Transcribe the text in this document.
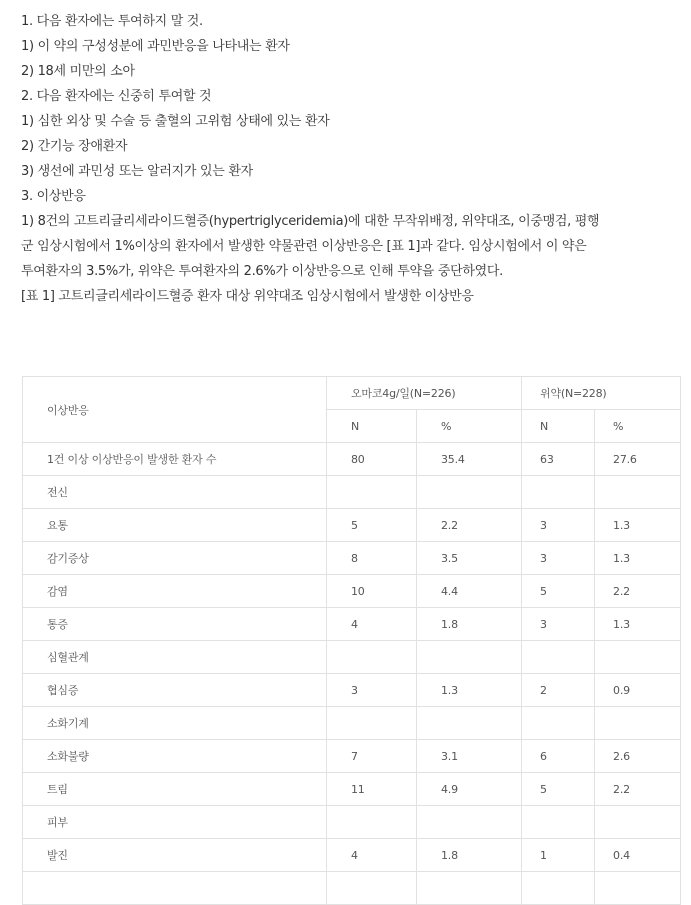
1. 다음 환자에는 투여하지 말 것.

1) 이 약의 구성성분에 과민반응을 나타내는 환자

2) 18세 미만의 소아

2. 다음 환자에는 신중히 투여할 것

1) 심한 외상 및 수술 등 출혈의 고위험 상태에 있는 환자

2) 간기능 장애환자

3) 생선에 과민성 또는 알러지가 있는 환자

3. 이상반응

1) 8건의 고트리글리세라이드혈증(hypertriglyceridemia)에 대한 무작위배정, 위약대조, 이중맹검, 평행

군 임상시험에서 1%이상의 환자에서 발생한 약물관련 이상반응은 [표 1]과 같다. 임상시험에서 이 약은

투여환자의 3.5%가, 위약은 투여환자의 2.6%가 이상반응으로 인해 투약을 중단하였다.

[표 1] 고트리글리세라이드혈증 환자 대상 위약대조 임상시험에서 발생한 이상반응

이상반응	오마코4g/일(N=226)		위약(N=228)	
	N	%	N	%
1건 이상 이상반응이 발생한 환자 수	80	35.4	63	27.6
전신				
요통	5	2.2	3	1.3
감기증상	8	3.5	3	1.3
감염	10	4.4	5	2.2
통증	4	1.8	3	1.3
심혈관계				
협심증	3	1.3	2	0.9
소화기계				
소화불량	7	3.1	6	2.6
트림	11	4.9	5	2.2
피부				
발진	4	1.8	1	0.4
